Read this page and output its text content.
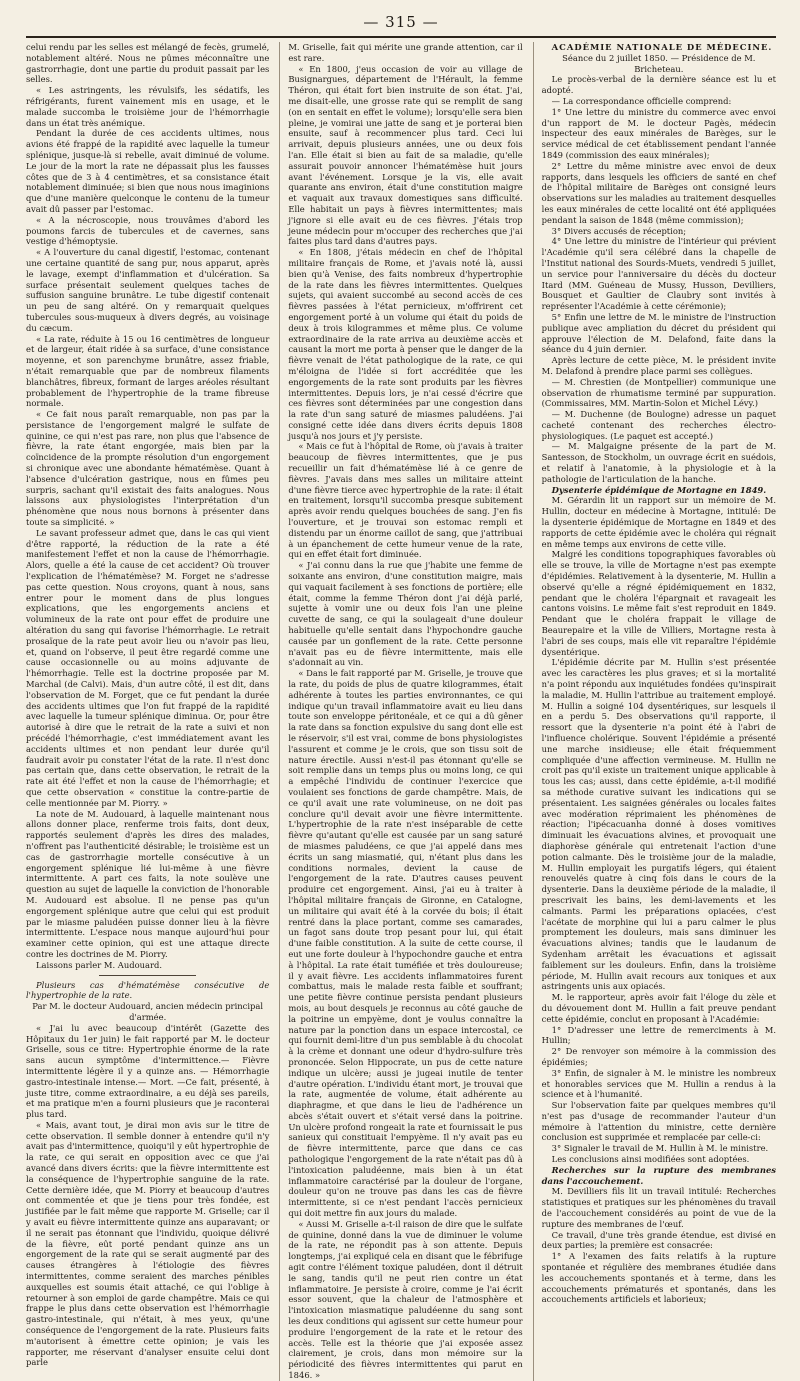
— 315 —

celui rendu par les selles est mélangé de fecès, grumelé, notablement altéré. Nous ne pûmes méconnaître une gastrorrhagie, dont une partie du produit passait par les selles.

« Les astringents, les révulsifs, les sédatifs, les réfrigérants, furent vainement mis en usage, et le malade succomba le troisième jour de l'hémorrhagie dans un état très anémique.

Pendant la durée de ces accidents ultimes, nous avions été frappé de la rapidité avec laquelle la tumeur splénique, jusque-là si rebelle, avait diminué de volume. Le jour de la mort la rate ne dépassait plus les fausses côtes que de 3 à 4 centimètres, et sa consistance était notablement diminuée; si bien que nous nous imaginions que d'une manière quelconque le contenu de la tumeur avait dû passer par l'estomac.

« A la nécroscopie, nous trouvâmes d'abord les poumons farcis de tubercules et de cavernes, sans vestige d'hémoptysie.

« A l'ouverture du canal digestif, l'estomac, contenant une certaine quantité de sang pur, nous apparut, après le lavage, exempt d'inflammation et d'ulcération. Sa surface présentait seulement quelques taches de suffusion sanguine brunâtre. Le tube digestif contenait un peu de sang altéré. On y remarquait quelques tubercules sous-muqueux à divers degrés, au voisinage du cæcum.

« La rate, réduite à 15 ou 16 centimètres de longueur et de largeur, était ridée à sa surface, d'une consistance moyenne, et son parenchyme brunâtre, assez friable, n'était remarquable que par de nombreux filaments blanchâtres, fibreux, formant de larges aréoles résultant probablement de l'hypertrophie de la trame fibreuse normale.

« Ce fait nous paraît remarquable, non pas par la persistance de l'engorgement malgré le sulfate de quinine, ce qui n'est pas rare, non plus que l'absence de fièvre, la rate étant engorgée, mais bien par la coïncidence de la prompte résolution d'un engorgement si chronique avec une abondante hématémèse. Quant à l'absence d'ulcération gastrique, nous en fûmes peu surpris, sachant qu'il existait des faits analogues. Nous laissons aux physiologistes l'interprétation d'un phénomène que nous nous bornons à présenter dans toute sa simplicité. »

Le savant professeur admet que, dans le cas qui vient d'être rapporté, la réduction de la rate a été manifestement l'effet et non la cause de l'hémorrhagie. Alors, quelle a été la cause de cet accident? Où trouver l'explication de l'hématémèse? M. Forget ne s'adresse pas cette question. Nous croyons, quant à nous, sans entrer pour le moment dans de plus longues explications, que les engorgements anciens et volumineux de la rate ont pour effet de produire une altération du sang qui favorise l'hémorrhagie. Le retrait prosaïque de la rate peut avoir lieu ou n'avoir pas lieu, et, quand on l'observe, il peut être regardé comme une cause occasionnelle ou au moins adjuvante de l'hémorrhagie. Telle est la doctrine proposée par M. Marchal (de Calvi). Mais, d'un autre côté, il est dit, dans l'observation de M. Forget, que ce fut pendant la durée des accidents ultimes que l'on fut frappé de la rapidité avec laquelle la tumeur splénique diminua. Or, pour être autorisé à dire que le retrait de la rate a suivi et non précédé l'hémorrhagie, c'est immédiatement avant les accidents ultimes et non pendant leur durée qu'il faudrait avoir pu constater l'état de la rate. Il n'est donc pas certain que, dans cette observation, le retrait de la rate ait été l'effet et non la cause de l'hémorrhagie; et que cette observation « constitue la contre-partie de celle mentionnée par M. Piorry. »

La note de M. Audouard, à laquelle maintenant nous allons donner place, renferme trois faits, dont deux, rapportés seulement d'après les dires des malades, n'offrent pas l'authenticité désirable; le troisième est un cas de gastrorrhagie mortelle consécutive à un engorgement splénique lié lui-même à une fièvre intermittente. A part ces faits, la note soulève une question au sujet de laquelle la conviction de l'honorable M. Audouard est absolue. Il ne pense pas qu'un engorgement splénique autre que celui qui est produit par le miasme paludéen puisse donner lieu à la fièvre intermittente. L'espace nous manque aujourd'hui pour examiner cette opinion, qui est une attaque directe contre les doctrines de M. Piorry.

Laissons parler M. Audouard.

Plusieurs cas d'hématémèse consécutive de l'hypertrophie de la rate.

Par M. le docteur Audouard, ancien médecin principal d'armée.

« J'ai lu avec beaucoup d'intérêt (Gazette des Hôpitaux du 1er juin) le fait rapporté par M. le docteur Griselle, sous ce titre: Hypertrophie énorme de la rate sans aucun symptôme d'intermittence.— Fièvre intermittente légère il y a quinze ans. — Hémorrhagie gastro-intestinale intense.— Mort. —Ce fait, présenté, à juste titre, comme extraordinaire, a eu déjà ses pareils, et ma pratique m'en a fourni plusieurs que je raconterai plus tard.

« Mais, avant tout, je dirai mon avis sur le titre de cette observation. Il semble donner à entendre qu'il n'y avait pas d'intermittence, quoiqu'il y eût hypertrophie de la rate, ce qui serait en opposition avec ce que j'ai avancé dans divers écrits: que la fièvre intermittente est la conséquence de l'hypertrophie sanguine de la rate. Cette dernière idée, que M. Piorry et beaucoup d'autres ont commentée et que je tiens pour très fondée, est justifiée par le fait même que rapporte M. Griselle; car il y avait eu fièvre intermittente quinze ans auparavant; or il ne serait pas étonnant que l'individu, quoique délivré de la fièvre, eût porté pendant quinze ans un engorgement de la rate qui se serait augmenté par des causes étrangères à l'étiologie des fièvres intermittentes, comme seraient des marches pénibles auxquelles est soumis était attaché, ce qui l'oblige à retourner à son emploi de garde champêtre. Mais ce qui frappe le plus dans cette observation est l'hémorrhagie gastro-intestinale, qui n'était, à mes yeux, qu'une conséquence de l'engorgement de la rate. Plusieurs faits m'autorisent à émettre cette opinion; je vais les rapporter, me réservant d'analyser ensuite celui dont parle

M. Griselle, fait qui mérite une grande attention, car il est rare.

« En 1800, j'eus occasion de voir au village de Busignargues, département de l'Hérault, la femme Théron, qui était fort bien instruite de son état. J'ai, me disait-elle, une grosse rate qui se remplit de sang (on en sentait en effet le volume); lorsqu'elle sera bien pleine, je vomirai une jatte de sang et je porterai bien ensuite, sauf à recommencer plus tard. Ceci lui arrivait, depuis plusieurs années, une ou deux fois l'an. Elle était si bien au fait de sa maladie, qu'elle assurait pouvoir annoncer l'hématémèse huit jours avant l'événement. Lorsque je la vis, elle avait quarante ans environ, était d'une constitution maigre et vaquait aux travaux domestiques sans difficulté. Elle habitait un pays à fièvres intermittentes; mais j'ignore si elle avait eu de ces fièvres. J'étais trop jeune médecin pour m'occuper des recherches que j'ai faites plus tard dans d'autres pays.

« En 1808, j'étais médecin en chef de l'hôpital militaire français de Rome, et j'avais noté là, aussi bien qu'à Venise, des faits nombreux d'hypertrophie de la rate dans les fièvres intermittentes. Quelques sujets, qui avaient succombé au second accès de ces fièvres passées à l'état pernicieux, m'offrirent cet engorgement porté à un volume qui était du poids de deux à trois kilogrammes et même plus. Ce volume extraordinaire de la rate arriva au deuxième accès et causant la mort me porta à penser que le danger de la fièvre venait de l'état pathologique de la rate, ce qui m'éloigna de l'idée si fort accréditée que les engorgements de la rate sont produits par les fièvres intermittentes. Depuis lors, je n'ai cessé d'écrire que ces fièvres sont déterminées par une congestion dans la rate d'un sang saturé de miasmes paludéens. J'ai consigné cette idée dans divers écrits depuis 1808 jusqu'à nos jours et j'y persiste.

« Mais ce fut à l'hôpital de Rome, où j'avais à traiter beaucoup de fièvres intermittentes, que je pus recueillir un fait d'hématémèse lié à ce genre de fièvres. J'avais dans mes salles un militaire atteint d'une fièvre tierce avec hypertrophie de la rate: il était en traitement, lorsqu'il succomba presque subitement après avoir rendu quelques bouchées de sang. J'en fis l'ouverture, et je trouvai son estomac rempli et distendu par un énorme caillot de sang, que j'attribuai à un épanchement de cette humeur venue de la rate, qui en effet était fort diminuée.

« J'ai connu dans la rue que j'habite une femme de soixante ans environ, d'une constitution maigre, mais qui vaquait facilement à ses fonctions de portière; elle était, comme la femme Théron dont j'ai déjà parlé, sujette à vomir une ou deux fois l'an une pleine cuvette de sang, ce qui la soulageait d'une douleur habituelle qu'elle sentait dans l'hypochondre gauche causée par un gonflement de la rate. Cette personne n'avait pas eu de fièvre intermittente, mais elle s'adonnait au vin.

« Dans le fait rapporté par M. Griselle, je trouve que la rate, du poids de plus de quatre kilogrammes, était adhérente à toutes les parties environnantes, ce qui indique qu'un travail inflammatoire avait eu lieu dans toute son enveloppe péritonéale, et ce qui a dû gêner la rate dans sa fonction expulsive du sang dont elle est le réservoir, s'il est vrai, comme de bons physiologistes l'assurent et comme je le crois, que son tissu soit de nature érectile. Aussi n'est-il pas étonnant qu'elle se soit remplie dans un temps plus ou moins long, ce qui a empêché l'individu de continuer l'exercice que voulaient ses fonctions de garde champêtre. Mais, de ce qu'il avait une rate volumineuse, on ne doit pas conclure qu'il devait avoir une fièvre intermittente. L'hypertrophie de la rate n'est inséparable de cette fièvre qu'autant qu'elle est causée par un sang saturé de miasmes paludéens, ce que j'ai appelé dans mes écrits un sang miasmatié, qui, n'étant plus dans les conditions normales, devient la cause de l'engorgement de la rate. D'autres causes peuvent produire cet engorgement. Ainsi, j'ai eu à traiter à l'hôpital militaire français de Gironne, en Catalogne, un militaire qui avait été à la corvée du bois; il était rentré dans la place portant, comme ses camarades, un fagot sans doute trop pesant pour lui, qui était d'une faible constitution. A la suite de cette course, il eut une forte douleur à l'hypochondre gauche et entra à l'hôpital. La rate était tuméfiée et très douloureuse; il y avait fièvre. Les accidents inflammatoires furent combattus, mais le malade resta faible et souffrant; une petite fièvre continue persista pendant plusieurs mois, au bout desquels je reconnus au côté gauche de la poitrine un empyème, dont je voulus connaître la nature par la ponction dans un espace intercostal, ce qui fournit demi-litre d'un pus semblable à du chocolat à la crème et donnant une odeur d'hydro-sulfure très prononcée. Selon Hippocrate, un pus de cette nature indique un ulcère; aussi je jugeai inutile de tenter d'autre opération. L'individu étant mort, je trouvai que la rate, augmentée de volume, était adhérente au diaphragme, et que dans le lieu de l'adhérence un abcès s'était ouvert et s'était versé dans la poitrine. Un ulcère profond rongeait la rate et fournissait le pus sanieux qui constituait l'empyème. Il n'y avait pas eu de fièvre intermittente, parce que dans ce cas pathologique l'engorgement de la rate n'était pas dû à l'intoxication paludéenne, mais bien à un état inflammatoire caractérisé par la douleur de l'organe, douleur qu'on ne trouve pas dans les cas de fièvre intermittente, si ce n'est pendant l'accès pernicieux qui doit mettre fin aux jours du malade.

« Aussi M. Griselle a-t-il raison de dire que le sulfate de quinine, donné dans la vue de diminuer le volume de la rate, ne répondit pas à son attente. Depuis longtemps, j'ai expliqué cela en disant que le fébrifuge agit contre l'élément toxique paludéen, dont il détruit le sang, tandis qu'il ne peut rien contre un état inflammatoire. Je persiste à croire, comme je l'ai écrit essor souvent, que la chaleur de l'atmosphère et l'intoxication miasmatique paludéenne du sang sont les deux conditions qui agissent sur cette humeur pour produire l'engorgement de la rate et le retour des accès. Telle est la théorie que j'ai exposée assez clairement, je crois, dans mon mémoire sur la périodicité des fièvres intermittentes qui parut en 1846. »

ACADÉMIE NATIONALE DE MÉDECINE.

Séance du 2 juillet 1850. — Présidence de M. Bricheteau.

Le procès-verbal de la dernière séance est lu et adopté.

— La correspondance officielle comprend:

1° Une lettre du ministre du commerce avec envoi d'un rapport de M. le docteur Pagès, médecin inspecteur des eaux minérales de Barèges, sur le service médical de cet établissement pendant l'année 1849 (commission des eaux minérales);

2° Lettre du même ministre avec envoi de deux rapports, dans lesquels les officiers de santé en chef de l'hôpital militaire de Barèges ont consigné leurs observations sur les maladies au traitement desquelles les eaux minérales de cette localité ont été appliquées pendant la saison de 1848 (même commission);

3° Divers accusés de réception;

4° Une lettre du ministre de l'intérieur qui prévient l'Académie qu'il sera célébré dans la chapelle de l'Institut national des Sourds-Muets, vendredi 5 juillet, un service pour l'anniversaire du décès du docteur Itard (MM. Guéneau de Mussy, Husson, Devilliers, Bousquet et Gaultier de Claubry sont invités à représenter l'Académie à cette cérémonie);

5° Enfin une lettre de M. le ministre de l'instruction publique avec ampliation du décret du président qui approuve l'élection de M. Delafond, faite dans la séance du 4 juin dernier.

Après lecture de cette pièce, M. le président invite M. Delafond à prendre place parmi ses collègues.

— M. Chrestien (de Montpellier) communique une observation de rhumatisme terminé par suppuration. (Commissaires, MM. Martin-Solon et Michel Lévy.)

— M. Duchenne (de Boulogne) adresse un paquet cacheté contenant des recherches électro-physiologiques. (Le paquet est accepté.)

— M. Malgaigne présente de la part de M. Santesson, de Stockholm, un ouvrage écrit en suédois, et relatif à l'anatomie, à la physiologie et à la pathologie de l'articulation de la hanche.

Dysenterie épidémique de Mortagne en 1849.

M. Gérardin lit un rapport sur un mémoire de M. Hullin, docteur en médecine à Mortagne, intitulé: De la dysenterie épidémique de Mortagne en 1849 et des rapports de cette épidémie avec le choléra qui régnait en même temps aux environs de cette ville.

Malgré les conditions topographiques favorables où elle se trouve, la ville de Mortagne n'est pas exempte d'épidémies. Relativement à la dysenterie, M. Hullin a observé qu'elle a régné épidémiquement en 1832, pendant que le choléra l'épargnait et ravageait les cantons voisins. Le même fait s'est reproduit en 1849. Pendant que le choléra frappait le village de Beaurepaire et la ville de Villiers, Mortagne resta à l'abri de ses coups, mais elle vit reparaître l'épidémie dysentérique.

L'épidémie décrite par M. Hullin s'est présentée avec les caractères les plus graves; et si la mortalité n'a point répondu aux inquiétudes fondées qu'inspirait la maladie, M. Hullin l'attribue au traitement employé. M. Hullin a soigné 104 dysentériques, sur lesquels il en a perdu 5. Des observations qu'il rapporte, il ressort que la dysenterie n'a point été à l'abri de l'influence cholérique. Souvent l'épidémie a présenté une marche insidieuse; elle était fréquemment compliquée d'une affection vermineuse. M. Hullin ne croit pas qu'il existe un traitement unique applicable à tous les cas; aussi, dans cette épidémie, a-t-il modifié sa méthode curative suivant les indications qui se présentaient. Les saignées générales ou locales faites avec modération réprimaient les phénomènes de réaction; l'ipécacuanha donné à doses vomitives diminuait les évacuations alvines, et provoquait une diaphorèse générale qui entretenait l'action d'une potion calmante. Dès le troisième jour de la maladie, M. Hullin employait les purgatifs légers, qui étaient renouvelés quatre à cinq fois dans le cours de la dysenterie. Dans la deuxième période de la maladie, il prescrivait les bains, les demi-lavements et les calmants. Parmi les préparations opiacées, c'est l'acétate de morphine qui lui a paru calmer le plus promptement les douleurs, mais sans diminuer les évacuations alvines; tandis que le laudanum de Sydenham arrêtait les évacuations et agissait faiblement sur les douleurs. Enfin, dans la troisième période, M. Hullin avait recours aux toniques et aux astringents unis aux opiacés.

M. le rapporteur, après avoir fait l'éloge du zèle et du dévouement dont M. Hullin a fait preuve pendant cette épidémie, conclut en proposant à l'Académie:

1° D'adresser une lettre de remerciments à M. Hullin;

2° De renvoyer son mémoire à la commission des épidémies;

3° Enfin, de signaler à M. le ministre les nombreux et honorables services que M. Hullin a rendus à la science et à l'humanité.

Sur l'observation faite par quelques membres qu'il n'est pas d'usage de recommander l'auteur d'un mémoire à l'attention du ministre, cette dernière conclusion est supprimée et remplacée par celle-ci:

3° Signaler le travail de M. Hullin à M. le ministre.

Les conclusions ainsi modifiées sont adoptées.

Recherches sur la rupture des membranes dans l'accouchement.

M. Devilliers fils lit un travail intitulé: Recherches statistiques et pratiques sur les phénomènes du travail de l'accouchement considérés au point de vue de la rupture des membranes de l'œuf.

Ce travail, d'une très grande étendue, est divisé en deux parties; la première est consacrée:

1° A l'examen des faits relatifs à la rupture spontanée et régulière des membranes étudiée dans les accouchements spontanés et à terme, dans les accouchements prématurés et spontanés, dans les accouchements artificiels et laborieux;
